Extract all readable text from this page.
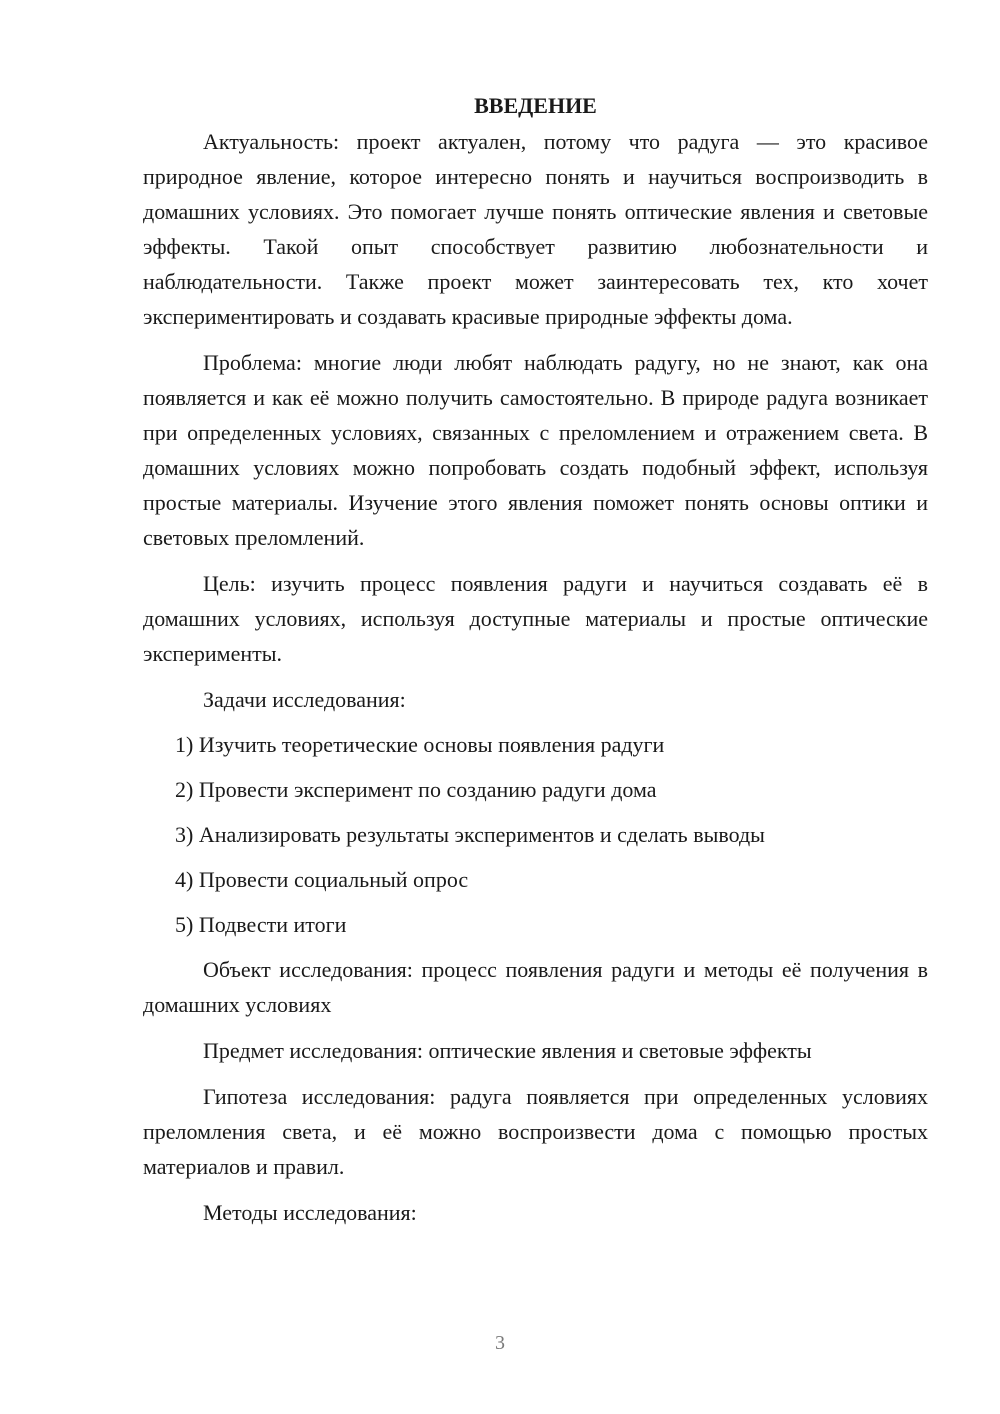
ВВЕДЕНИЕ

Актуальность: проект актуален, потому что радуга — это красивое природное явление, которое интересно понять и научиться воспроизводить в домашних условиях. Это помогает лучше понять оптические явления и световые эффекты. Такой опыт способствует развитию любознательности и наблюдательности. Также проект может заинтересовать тех, кто хочет экспериментировать и создавать красивые природные эффекты дома.

Проблема: многие люди любят наблюдать радугу, но не знают, как она появляется и как её можно получить самостоятельно. В природе радуга возникает при определенных условиях, связанных с преломлением и отражением света. В домашних условиях можно попробовать создать подобный эффект, используя простые материалы. Изучение этого явления поможет понять основы оптики и световых преломлений.

Цель: изучить процесс появления радуги и научиться создавать её в домашних условиях, используя доступные материалы и простые оптические эксперименты.

Задачи исследования:

1) Изучить теоретические основы появления радуги
2) Провести эксперимент по созданию радуги дома
3) Анализировать результаты экспериментов и сделать выводы
4) Провести социальный опрос
5) Подвести итоги

Объект исследования: процесс появления радуги и методы её получения в домашних условиях

Предмет исследования: оптические явления и световые эффекты

Гипотеза исследования: радуга появляется при определенных условиях преломления света, и её можно воспроизвести дома с помощью простых материалов и правил.

Методы исследования:

3
